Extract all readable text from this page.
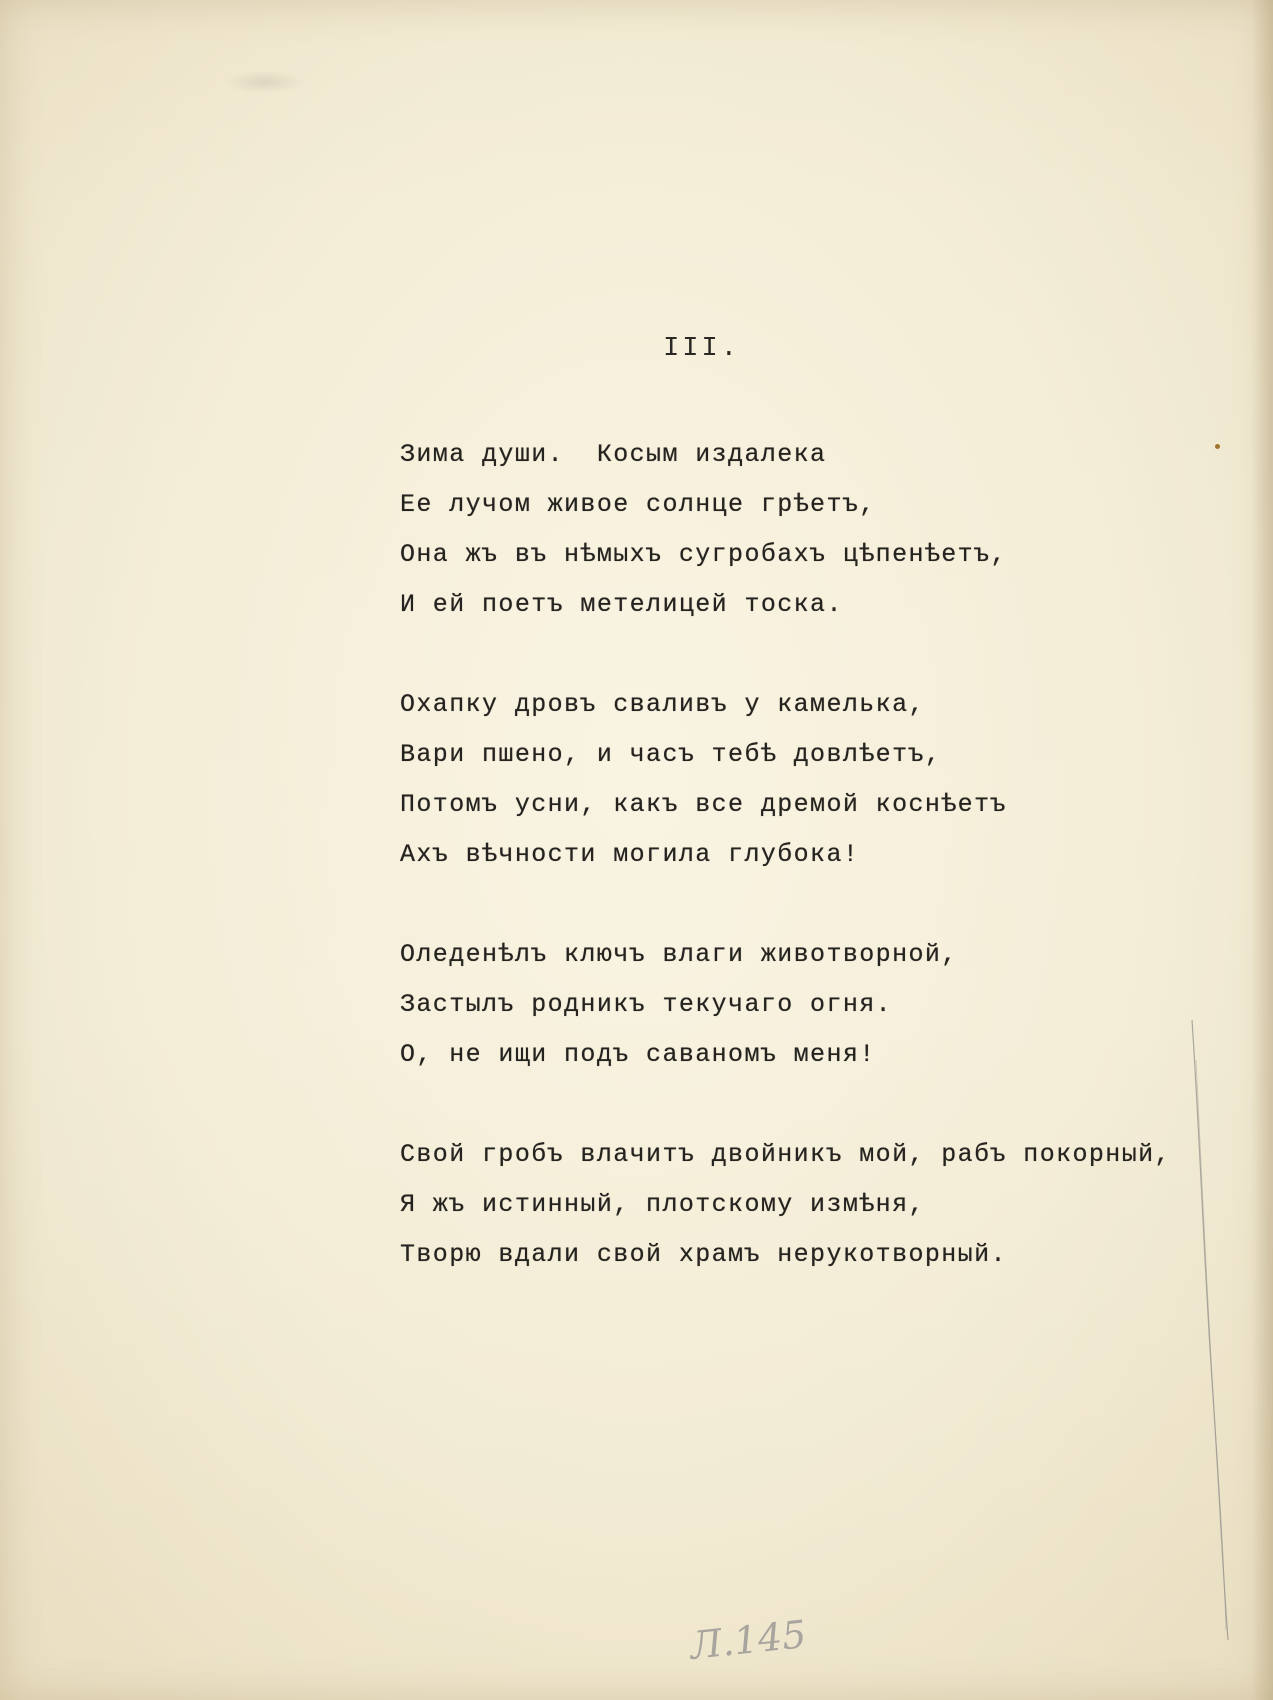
III.
Зима души.  Косым издалека
Ее лучом живое солнце грѣетъ,
Она жъ въ нѣмыхъ сугробахъ цѣпенѣетъ,
И ей поетъ метелицей тоска.
Охапку дровъ сваливъ у камелька,
Вари пшено, и часъ тебѣ довлѣетъ,
Потомъ усни, какъ все дремой коснѣетъ
Ахъ вѣчности могила глубока!
Оледенѣлъ ключъ влаги животворной,
Застылъ родникъ текучаго огня.
О, не ищи подъ саваномъ меня!
Свой гробъ влачитъ двойникъ мой, рабъ покорный,
Я жъ истинный, плотскому измѣня,
Творю вдали свой храмъ нерукотворный.
Л.145
